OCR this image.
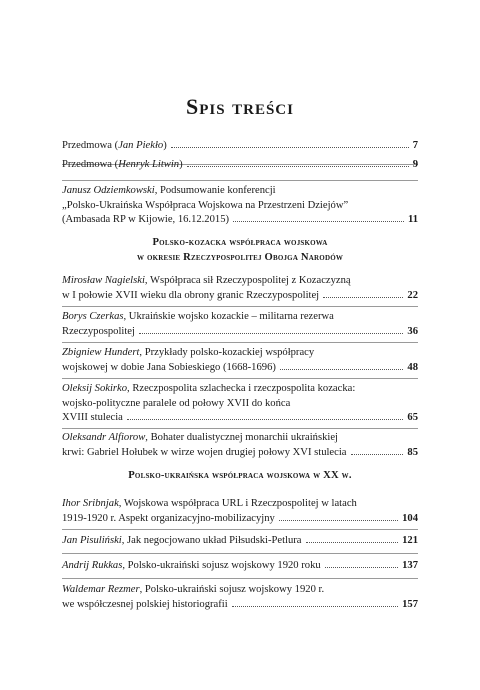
Spis treści
Przedmowa (Jan Piekło)	7
Przedmowa (Henryk Litwin)	9
Janusz Odziemkowski, Podsumowanie konferencji
„Polsko-Ukraińska Współpraca Wojskowa na Przestrzeni Dziejów”
(Ambasada RP w Kijowie, 16.12.2015)	11
Polsko-kozacka współpraca wojskowa
w okresie Rzeczypospolitej Obojga Narodów
Mirosław Nagielski, Współpraca sił Rzeczypospolitej z Kozaczyzną
w I połowie XVII wieku dla obrony granic Rzeczypospolitej	22
Borys Czerkas, Ukraińskie wojsko kozackie – militarna rezerwa
Rzeczypospolitej	36
Zbigniew Hundert, Przykłady polsko-kozackiej współpracy
wojskowej w dobie Jana Sobieskiego (1668-1696)	48
Oleksij Sokirko, Rzeczpospolita szlachecka i rzeczpospolita kozacka:
wojsko-polityczne paralele od połowy XVII do końca
XVIII stulecia	65
Oleksandr Alfiorow, Bohater dualistycznej monarchii ukraińskiej
krwi: Gabriel Hołubek w wirze wojen drugiej połowy XVI stulecia	85
Polsko-ukraińska współpraca wojskowa w XX w.
Ihor Sribnjak, Wojskowa współpraca URL i Rzeczpospolitej w latach
1919-1920 r. Aspekt organizacyjno-mobilizacyjny	104
Jan Pisuliński, Jak negocjowano układ Piłsudski-Petlura	121
Andrij Rukkas, Polsko-ukraiński sojusz wojskowy 1920 roku	137
Waldemar Rezmer, Polsko-ukraiński sojusz wojskowy 1920 r.
we współczesnej polskiej historiografii	157
